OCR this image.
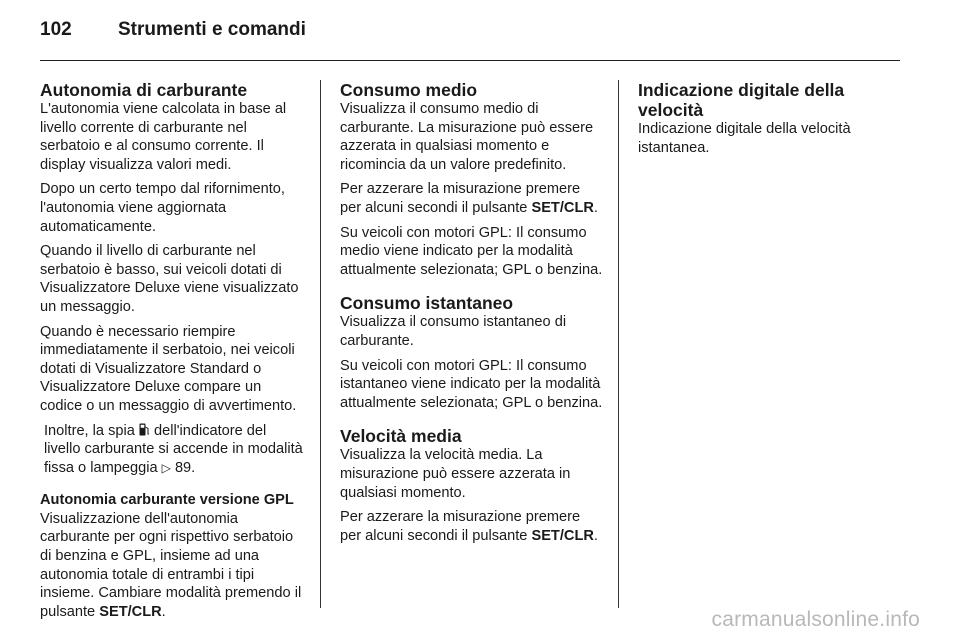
102 Strumenti e comandi
Autonomia di carburante

L'autonomia viene calcolata in base al livello corrente di carburante nel serbatoio e al consumo corrente. Il display visualizza valori medi.

Dopo un certo tempo dal rifornimento, l'autonomia viene aggiornata automaticamente.

Quando il livello di carburante nel serbatoio è basso, sui veicoli dotati di Visualizzatore Deluxe viene visualizzato un messaggio.

Quando è necessario riempire immediatamente il serbatoio, nei veicoli dotati di Visualizzatore Standard o Visualizzatore Deluxe compare un codice o un messaggio di avvertimento.

Inoltre, la spia  dell'indicatore del livello carburante si accende in modalità fissa o lampeggia ▷ 89.

Autonomia carburante versione GPL

Visualizzazione dell'autonomia carburante per ogni rispettivo serbatoio di benzina e GPL, insieme ad una autonomia totale di entrambi i tipi insieme. Cambiare modalità premendo il pulsante SET/CLR.

Consumo medio

Visualizza il consumo medio di carburante. La misurazione può essere azzerata in qualsiasi momento e ricomincia da un valore predefinito.

Per azzerare la misurazione premere per alcuni secondi il pulsante SET/CLR.

Su veicoli con motori GPL: Il consumo medio viene indicato per la modalità attualmente selezionata; GPL o benzina.

Consumo istantaneo

Visualizza il consumo istantaneo di carburante.

Su veicoli con motori GPL: Il consumo istantaneo viene indicato per la modalità attualmente selezionata; GPL o benzina.

Velocità media

Visualizza la velocità media. La misurazione può essere azzerata in qualsiasi momento.

Per azzerare la misurazione premere per alcuni secondi il pulsante SET/CLR.

Indicazione digitale della velocità

Indicazione digitale della velocità istantanea.

carmanualsonline.info
